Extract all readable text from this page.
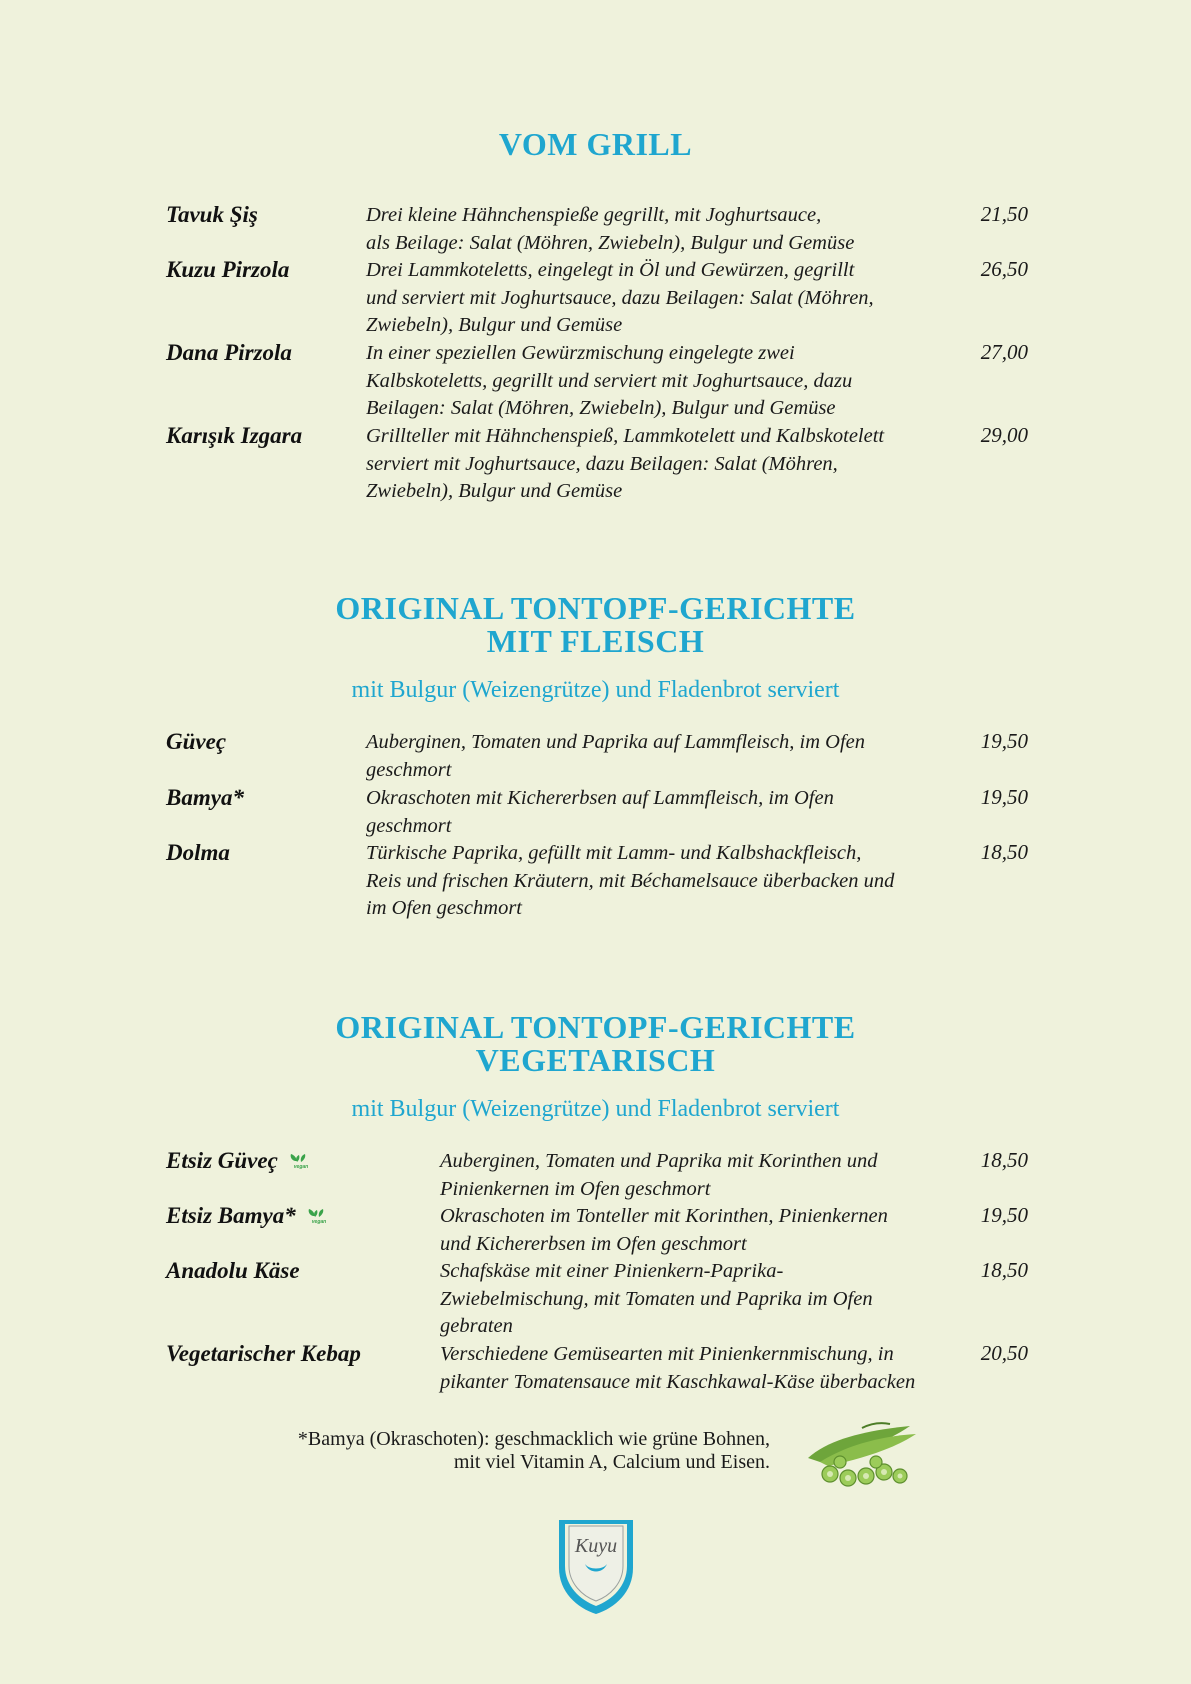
VOM GRILL
Tavuk Şiş	Drei kleine Hähnchenspieße gegrillt, mit Joghurtsauce,
als Beilage: Salat (Möhren, Zwiebeln), Bulgur und Gemüse
21,50
Kuzu Pirzola	Drei Lammkoteletts, eingelegt in Öl und Gewürzen, gegrillt
und serviert mit Joghurtsauce, dazu Beilagen: Salat (Möhren,
Zwiebeln), Bulgur und Gemüse
26,50
Dana Pirzola	In einer speziellen Gewürzmischung eingelegte zwei
Kalbskoteletts, gegrillt und serviert mit Joghurtsauce, dazu
Beilagen: Salat (Möhren, Zwiebeln), Bulgur und Gemüse
27,00
Karışık Izgara	Grillteller mit Hähnchenspieß, Lammkotelett und Kalbskotelett
serviert mit Joghurtsauce, dazu Beilagen: Salat (Möhren,
Zwiebeln), Bulgur und Gemüse
29,00
ORIGINAL TONTOPF-GERICHTE
MIT FLEISCH

mit Bulgur (Weizengrütze) und Fladenbrot serviert

Güveç	Auberginen, Tomaten und Paprika auf Lammfleisch, im Ofen
geschmort
19,50
Bamya*	Okraschoten mit Kichererbsen auf Lammfleisch, im Ofen
geschmort
19,50
Dolma	Türkische Paprika, gefüllt mit Lamm- und Kalbshackfleisch,
Reis und frischen Kräutern, mit Béchamelsauce überbacken und
im Ofen geschmort
18,50
ORIGINAL TONTOPF-GERICHTE
VEGETARISCH

mit Bulgur (Weizengrütze) und Fladenbrot serviert

Etsiz Güveç	vegan	Auberginen, Tomaten und Paprika mit Korinthen und
Pinienkernen im Ofen geschmort
18,50
Etsiz Bamya*	vegan	Okraschoten im Tonteller mit Korinthen, Pinienkernen
und Kichererbsen im Ofen geschmort
19,50
Anadolu Käse	Schafskäse mit einer Pinienkern-Paprika-
Zwiebelmischung, mit Tomaten und Paprika im Ofen
gebraten
18,50
Vegetarischer Kebap	Verschiedene Gemüsearten mit Pinienkernmischung, in
pikanter Tomatensauce mit Kaschkawal-Käse überbacken
20,50
*Bamya (Okraschoten): geschmacklich wie grüne Bohnen,
mit viel Vitamin A, Calcium und Eisen.
Kuyu
